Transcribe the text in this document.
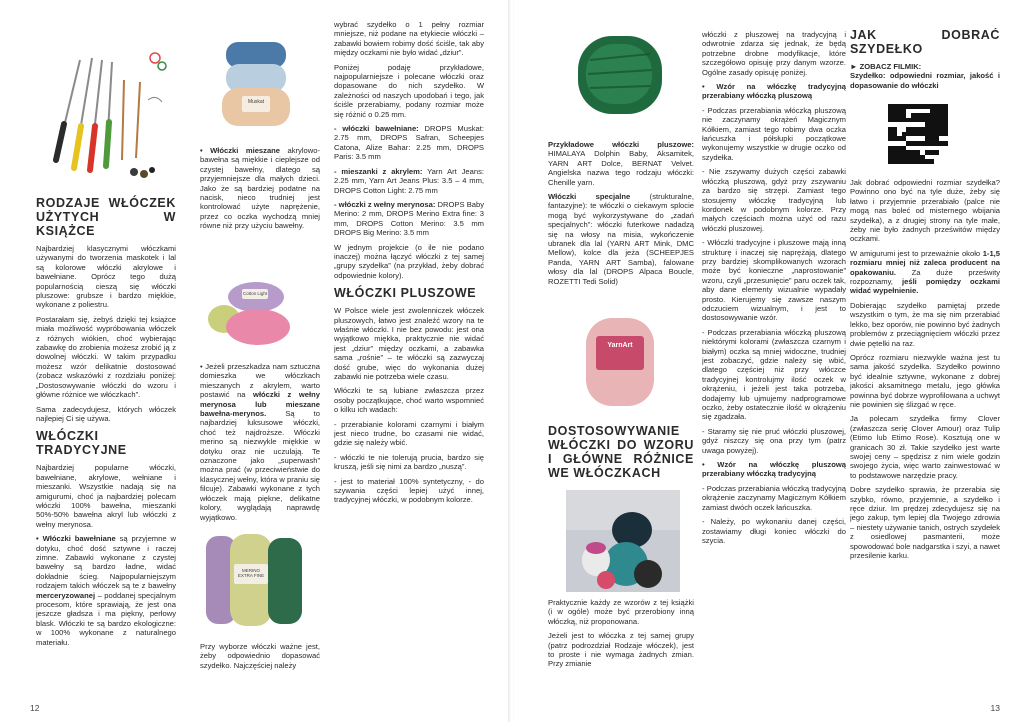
RODZAJE WŁÓCZEK UŻYTYCH W KSIĄŻCE

Najbardziej klasycznymi włóczkami używanymi do tworzenia maskotek i lal są kolorowe włóczki akrylowe i bawełniane. Oprócz tego dużą popularnością cieszą się włóczki pluszowe: grubsze i bardzo miękkie, wykonane z poliestru.

Postarałam się, żebyś dzięki tej książce miała możliwość wypróbowania włóczek z różnych wiókien, choć wybierając zabawkę do zrobienia możesz zrobić ją z dowolnej włóczki. W takim przypadku możesz wzór delikatnie dostosować (zobacz wskazówki z rozdziału poniżej: „Dostosowywanie włóczki do wzoru i główne różnice we włóczkach”.

Sama zadecydujesz, których włóczek najlepiej Ci się używa.

WŁÓCZKI TRADYCYJNE

Najbardziej popularne włóczki, bawełniane, akrylowe, wełniane i mieszanki. Wszystkie nadają się na amigurumi, choć ja najbardziej polecam włóczki 100% bawełna, mieszanki 50%-50% bawełna akryl lub włóczki z wełny merynosa.

• Włóczki bawełniane są przyjemne w dotyku, choć dość sztywne i raczej zimne. Zabawki wykonane z czystej bawełny są bardzo ładne, widać dokładnie ścieg. Najpopularniejszym rodzajem takich włóczek są te z bawełny merceryzowanej – poddanej specjalnym procesom, które sprawiają, że jest ona jeszcze gładsza i ma piękny, perłowy blask. Włóczki te są bardzo ekologiczne: w 100% wykonane z naturalnego materiału.

Muskat
Cotton Light
MERINO EXTRA FINE

• Włóczki mieszane akrylowo-bawełna są miękkie i cieplejsze od czystej bawełny, dlatego są przyjemniejsze dla małych dzieci. Jako że są bardziej podatne na nacisk, nieco trudniej jest kontrolować użyte naprężenie, przez co oczka wychodzą mniej równe niż przy użyciu bawełny.

• Jeżeli przeszkadza nam sztuczna domieszka we włóczkach mieszanych z akrylem, warto postawić na włóczki z wełny merynosa lub mieszane bawełna-merynos. Są to najbardziej luksusowe włóczki, choć też najdroższe. Włóczki merino są niezwykle miękkie w dotyku oraz nie uczulają. Te oznaczone jako „superwash” można prać (w przeciwieństwie do klasycznej wełny, która w praniu się filcuje). Zabawki wykonane z tych włóczek mają piękne, delikatne kolory, wyglądają naprawdę wyjątkowo.

Przy wyborze włóczki ważne jest, żeby odpowiednio dopasować szydełko. Najczęściej należy

wybrać szydełko o 1 pełny rozmiar mniejsze, niż podane na etykiecie włóczki – zabawki bowiem robimy dość ściśle, tak aby między oczkami nie było widać „dziur”.

Poniżej podaję przykładowe, najpopularniejsze i polecane włóczki oraz dopasowane do nich szydełko. W zależności od naszych upodobań i tego, jak ściśle przerabiamy, podany rozmiar może się różnić o 0.25 mm.

- włóczki bawełniane: DROPS Muskat: 2.75 mm, DROPS Safran, Scheepjes Catona, Alize Bahar: 2.25 mm, DROPS Paris: 3.5 mm

- mieszanki z akrylem: Yarn Art Jeans: 2.25 mm, Yarn Art Jeans Plus: 3.5 – 4 mm, DROPS Cotton Light: 2.75 mm

- włóczki z wełny merynosa: DROPS Baby Merino: 2 mm, DROPS Merino Extra fine: 3 mm, DROPS Cotton Merino: 3.5 mm DROPS Big Merino: 3.5 mm

W jednym projekcie (o ile nie podano inaczej) można łączyć włóczki z tej samej „grupy szydełka” (na przykład, żeby dobrać odpowiednie kolory).

WŁÓCZKI PLUSZOWE

W Polsce wiele jest zwolenniczek włóczek pluszowych, łatwo jest znaleźć wzory na te właśnie włóczki. I nie bez powodu: jest ona wyjątkowo miękka, praktycznie nie widać jest „dziur” między oczkami, a zabawka sama „rośnie” – te włóczki są zazwyczaj dość grube, więc do wykonania dużej zabawki nie potrzeba wiele czasu.

Włóczki te są lubiane zwłaszcza przez osoby początkujące, choć warto wspomnieć o kilku ich wadach:

- przerabianie kolorami czarnymi i białym jest nieco trudne, bo czasami nie widać, gdzie się należy wbić.

- włóczki te nie tolerują prucia, bardzo się kruszą, jeśli się nimi za bardzo „nuszą”.

- jest to materiał 100% syntetyczny, - do szywania części lepiej użyć innej, tradycyjnej włóczki, w podobnym kolorze.

12
YarnArt

Przykładowe włóczki pluszowe: HIMALAYA Dolphin Baby, Aksamitek, YARN ART Dolce, BERNAT Velvet. Angielska nazwa tego rodzaju włóczki: Chenille yarn.

Włóczki specjalne (strukturalne, fantazyjne): te włóczki o ciekawym splocie mogą być wykorzystywane do „zadań specjalnych”: włóczki futerkowe nadadzą się na włosy na misia, wykończenie ubranek dla lal (YARN ART Mink, DMC Mellow), kolce dla jeża (SCHEEPJES Panda, YARN ART Samba), falowane włosy dla lal (DROPS Alpaca Boucle, ROZETTI Tedi Solid)

DOSTOSOWYWANIE WŁÓCZKI DO WZORU I GŁÓWNE RÓŻNICE WE WŁÓCZKACH

Praktycznie każdy ze wzorów z tej książki (i w ogóle) może być przerobiony inną włóczką, niż proponowana.

Jeżeli jest to włóczka z tej samej grupy (patrz podrozdział Rodzaje włóczek), jest to proste i nie wymaga żadnych zmian. Przy zmianie

włóczki z pluszowej na tradycyjną i odwrotnie zdarza się jednak, że będą potrzebne drobne modyfikacje, które szczegółowo opisuję przy danym wzorze. Ogólne zasady opisuję poniżej.

• Wzór na włóczkę tradycyjną przerabiany włóczką pluszową

- Podczas przerabiania włóczką pluszową nie zaczynamy okrążeń Magicznym Kółkiem, zamiast tego robimy dwa oczka łańcuszka i półsłupki początkowe wykonujemy wszystkie w drugie oczko od szydełka.

- Nie zszywamy dużych części zabawki włóczką pluszową, gdyż przy zszywaniu za bardzo się strzępi. Zamiast tego stosujemy włóczkę tradycyjną lub kordonek w podobnym kolorze. Przy małych częściach można użyć od razu włóczki pluszowej.

- Włóczki tradycyjne i pluszowe mają inną strukturę i inaczej się naprężają, dlatego przy bardziej skomplikowanych wzorach może być konieczne „naprostowanie” wzoru, czyli „przesunięcie” paru oczek tak, aby dane elementy wizualnie wypadały prosto. Kierujemy się zawsze naszym odczuciem wizualnym, i jest to dostosowywanie wzór.

- Podczas przerabiania włóczką pluszową niektórymi kolorami (zwłaszcza czarnym i białym) oczka są mniej widoczne, trudniej jest zobaczyć, gdzie należy się wbić, dlatego częściej niż przy włóczce tradycyjnej kontrolujmy ilość oczek w okrążeniu, i jeżeli jest taka potrzeba, dodajemy lub ujmujemy nadprogramowe oczko, żeby ostatecznie ilość w okrążeniu się zgadzała.

- Staramy się nie pruć włóczki pluszowej, gdyż niszczy się ona przy tym (patrz uwaga powyżej).

• Wzór na włóczkę pluszową przerabiany włóczką tradycyjną

- Podczas przerabiania włóczką tradycyjną okrążenie zaczynamy Magicznym Kółkiem zamiast dwóch oczek łańcuszka.

- Należy, po wykonaniu danej części, zostawiamy długi koniec włóczki do szycia.

JAK DOBRAĆ SZYDEŁKO

► ZOBACZ FILMIK:
Szydełko: odpowiedni rozmiar, jakość i dopasowanie do włóczki

Jak dobrać odpowiedni rozmiar szydełka? Powinno ono być na tyle duże, żeby się łatwo i przyjemnie przerabiało (palce nie mogą nas boleć od misternego wbijania szydełka), a z drugiej strony na tyle małe, żeby nie było żadnych prześwitów między oczkami.

W amigurumi jest to przeważnie około 1-1,5 rozmiaru mniej niż zaleca producent na opakowaniu. Za duże prześwity rozpoznamy, jeśli pomiędzy oczkami widać wypełnienie.

Dobierając szydełko pamiętaj przede wszystkim o tym, że ma się nim przerabiać lekko, bez oporów, nie powinno być żadnych problemów z przeciągnięciem włóczki przez dwie pętelki na raz.

Oprócz rozmiaru niezwykle ważna jest tu sama jakość szydełka. Szydełko powinno być idealnie sztywne, wykonane z dobrej jakości aksamitnego metalu, jego główka powinna być dobrze wyprofilowana a uchwyt nie powinien się ślizgać w ręce.

Ja polecam szydełka firmy Clover (zwłaszcza serię Clover Amour) oraz Tulip (Etimo lub Etimo Rose). Kosztują one w granicach 30 zł. Takie szydełko jest warte swojej ceny – spędzisz z nim wiele godzin swojego życia, więc warto zainwestować w to podstawowe narzędzie pracy.

Dobre szydełko sprawia, że przerabia się szybko, równo, przyjemnie, a szydełko i ręce dziur. Im prędzej zdecydujesz się na jego zakup, tym lepiej dla Twojego zdrowia – niestety używanie tanich, ostrych szydełek z osiedlowej pasmanterii, może spowodować bole nadgarstka i szyi, a nawet przesilenie karku.

13
